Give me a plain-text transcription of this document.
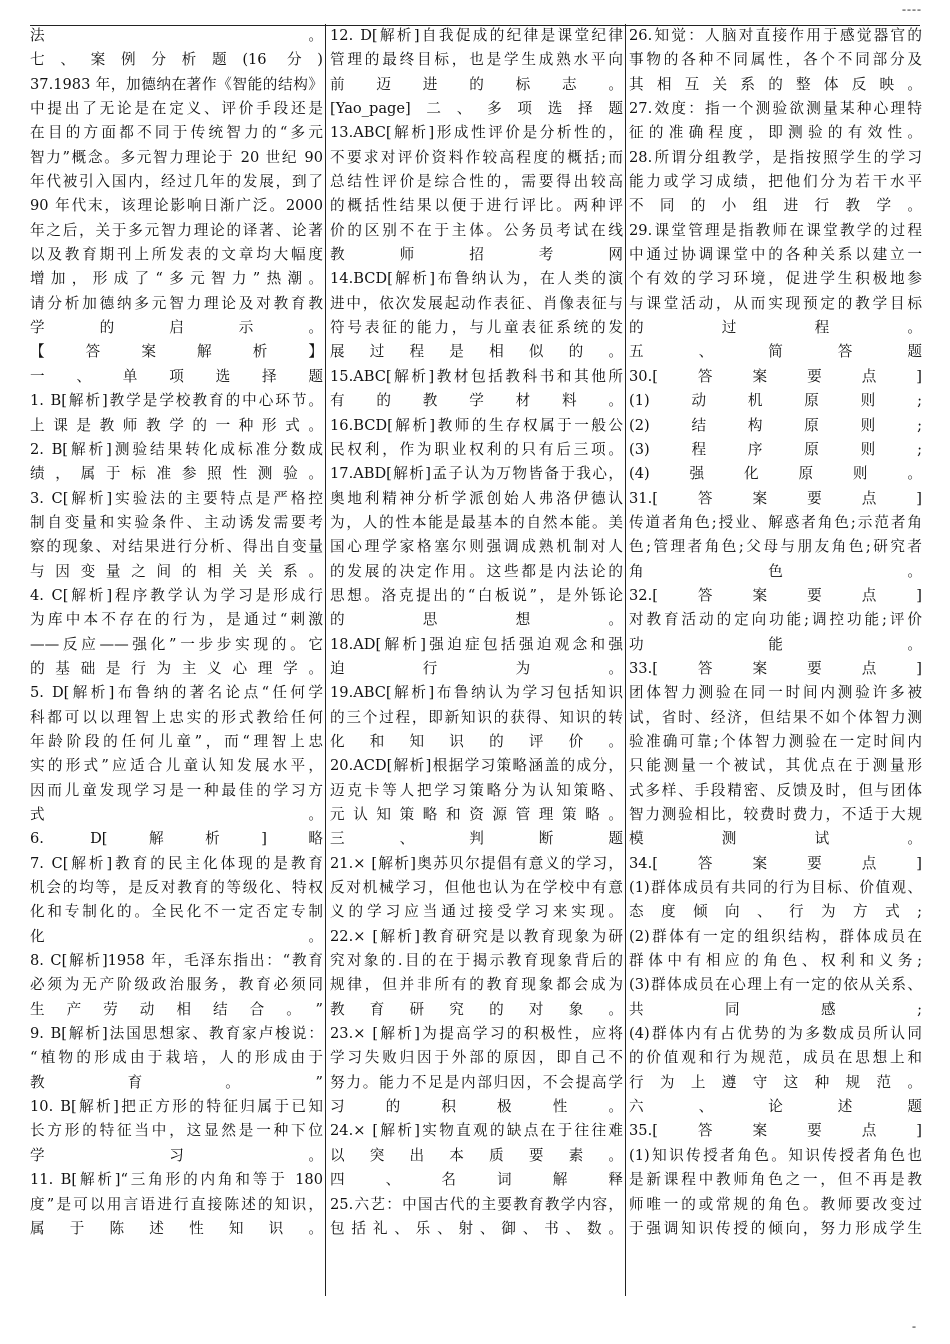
----
法。
七、案例分析题(16 分)
37.1983 年，加德纳在著作《智能的结构》
中提出了无论是在定义、评价手段还是
在目的方面都不同于传统智力的“多元
智力”概念。多元智力理论于 20 世纪 90
年代被引入国内，经过几年的发展，到了
90 年代末，该理论影响日渐广泛。2000
年之后，关于多元智力理论的译著、论著
以及教育期刊上所发表的文章均大幅度
增加，形成了“多元智力”热潮。
请分析加德纳多元智力理论及对教育教
学的启示。
【答案解析】
一、单项选择题
1. B[解析]教学是学校教育的中心环节。
上课是教师教学的一种形式。
2. B[解析]测验结果转化成标准分数成
绩，属于标准参照性测验。
3. C[解析]实验法的主要特点是严格控
制自变量和实验条件、主动诱发需要考
察的现象、对结果进行分析、得出自变量
与因变量之间的相关关系。
4. C[解析]程序教学认为学习是形成行
为库中本不存在的行为，是通过“刺激
——反应——强化”一步步实现的。它
的基础是行为主义心理学。
5. D[解析]布鲁纳的著名论点“任何学
科都可以以理智上忠实的形式教给任何
年龄阶段的任何儿童”，而“理智上忠
实的形式”应适合儿童认知发展水平，
因而儿童发现学习是一种最佳的学习方
式。
6. D[解析]略
7. C[解析]教育的民主化体现的是教育
机会的均等，是反对教育的等级化、特权
化和专制化的。全民化不一定否定专制
化。
8. C[解析]1958 年，毛泽东指出：“教育
必须为无产阶级政治服务，教育必须同
生产劳动相结合。”
9. B[解析]法国思想家、教育家卢梭说：
“植物的形成由于栽培，人的形成由于
教育。”
10. B[解析]把正方形的特征归属于已知
长方形的特征当中，这显然是一种下位
学习。
11. B[解析]“三角形的内角和等于 180
度”是可以用言语进行直接陈述的知识，
属于陈述性知识。
12. D[解析]自我促成的纪律是课堂纪律
管理的最终目标，也是学生成熟水平向
前迈进的标志。
[Yao_page]二、多项选择题
13.ABC[解析]形成性评价是分析性的，
不要求对评价资料作较高程度的概括;而
总结性评价是综合性的，需要得出较高
的概括性结果以便于进行评比。两种评
价的区别不在于主体。公务员考试在线
教师招考网
14.BCD[解析]布鲁纳认为，在人类的演
进中，依次发展起动作表征、肖像表征与
符号表征的能力，与儿童表征系统的发
展过程是相似的。
15.ABC[解析]教材包括教科书和其他所
有的教学材料。
16.BCD[解析]教师的生存权属于一般公
民权利，作为职业权利的只有后三项。
17.ABD[解析]孟子认为万物皆备于我心，
奥地利精神分析学派创始人弗洛伊德认
为，人的性本能是最基本的自然本能。美
国心理学家格塞尔则强调成熟机制对人
的发展的决定作用。这些都是内法论的
思想。洛克提出的“白板说”，是外铄论
的思想。
18.AD[解析]强迫症包括强迫观念和强
迫行为。
19.ABC[解析]布鲁纳认为学习包括知识
的三个过程，即新知识的获得、知识的转
化和知识的评价。
20.ACD[解析]根据学习策略涵盖的成分，
迈克卡等人把学习策略分为认知策略、
元认知策略和资源管理策略。
三、判断题
21.× [解析]奥苏贝尔提倡有意义的学习，
反对机械学习，但他也认为在学校中有意
义的学习应当通过接受学习来实现。
22.× [解析]教育研究是以教育现象为研
究对象的.目的在于揭示教育现象背后的
规律，但并非所有的教育现象都会成为
教育研究的对象。
23.× [解析]为提高学习的积极性，应将
学习失败归因于外部的原因，即自己不
努力。能力不足是内部归因，不会提高学
习的积极性。
24.× [解析]实物直观的缺点在于往往难
以突出本质要素。
四、名词解释
25.六艺：中国古代的主要教育教学内容，
包括礼、乐、射、御、书、数。
26.知觉：人脑对直接作用于感觉器官的
事物的各种不同属性，各个不同部分及
其相互关系的整体反映。
27.效度：指一个测验欲测量某种心理特
征的准确程度，即测验的有效性。
28.所谓分组教学，是指按照学生的学习
能力或学习成绩，把他们分为若干水平
不同的小组进行教学。
29.课堂管理是指教师在课堂教学的过程
中通过协调课堂中的各种关系以建立一
个有效的学习环境，促进学生积极地参
与课堂活动，从而实现预定的教学目标
的过程。
五、简答题
30.[答案要点]
(1)动机原则;
(2)结构原则;
(3)程序原则;
(4)强化原则。
31.[答案要点]
传道者角色;授业、解惑者角色;示范者角
色;管理者角色;父母与朋友角色;研究者
角色。
32.[答案要点]
对教育活动的定向功能;调控功能;评价
功能。
33.[答案要点]
团体智力测验在同一时间内测验许多被
试，省时、经济，但结果不如个体智力测
验准确可靠;个体智力测验在一定时间内
只能测量一个被试，其优点在于测量形
式多样、手段精密、反馈及时，但与团体
智力测验相比，较费时费力，不适于大规
模测试。
34.[答案要点]
(1)群体成员有共同的行为目标、价值观、
态度倾向、行为方式;
(2)群体有一定的组织结构，群体成员在
群体中有相应的角色、权利和义务;
(3)群体成员在心理上有一定的依从关系、
共同感;
(4)群体内有占优势的为多数成员所认同
的价值观和行为规范，成员在思想上和
行为上遵守这种规范。
六、论述题
35.[答案要点]
(1)知识传授者角色。知识传授者角色也
是新课程中教师角色之一，但不再是教
师唯一的或常规的角色。教师要改变过
于强调知识传授的倾向，努力形成学生
-
